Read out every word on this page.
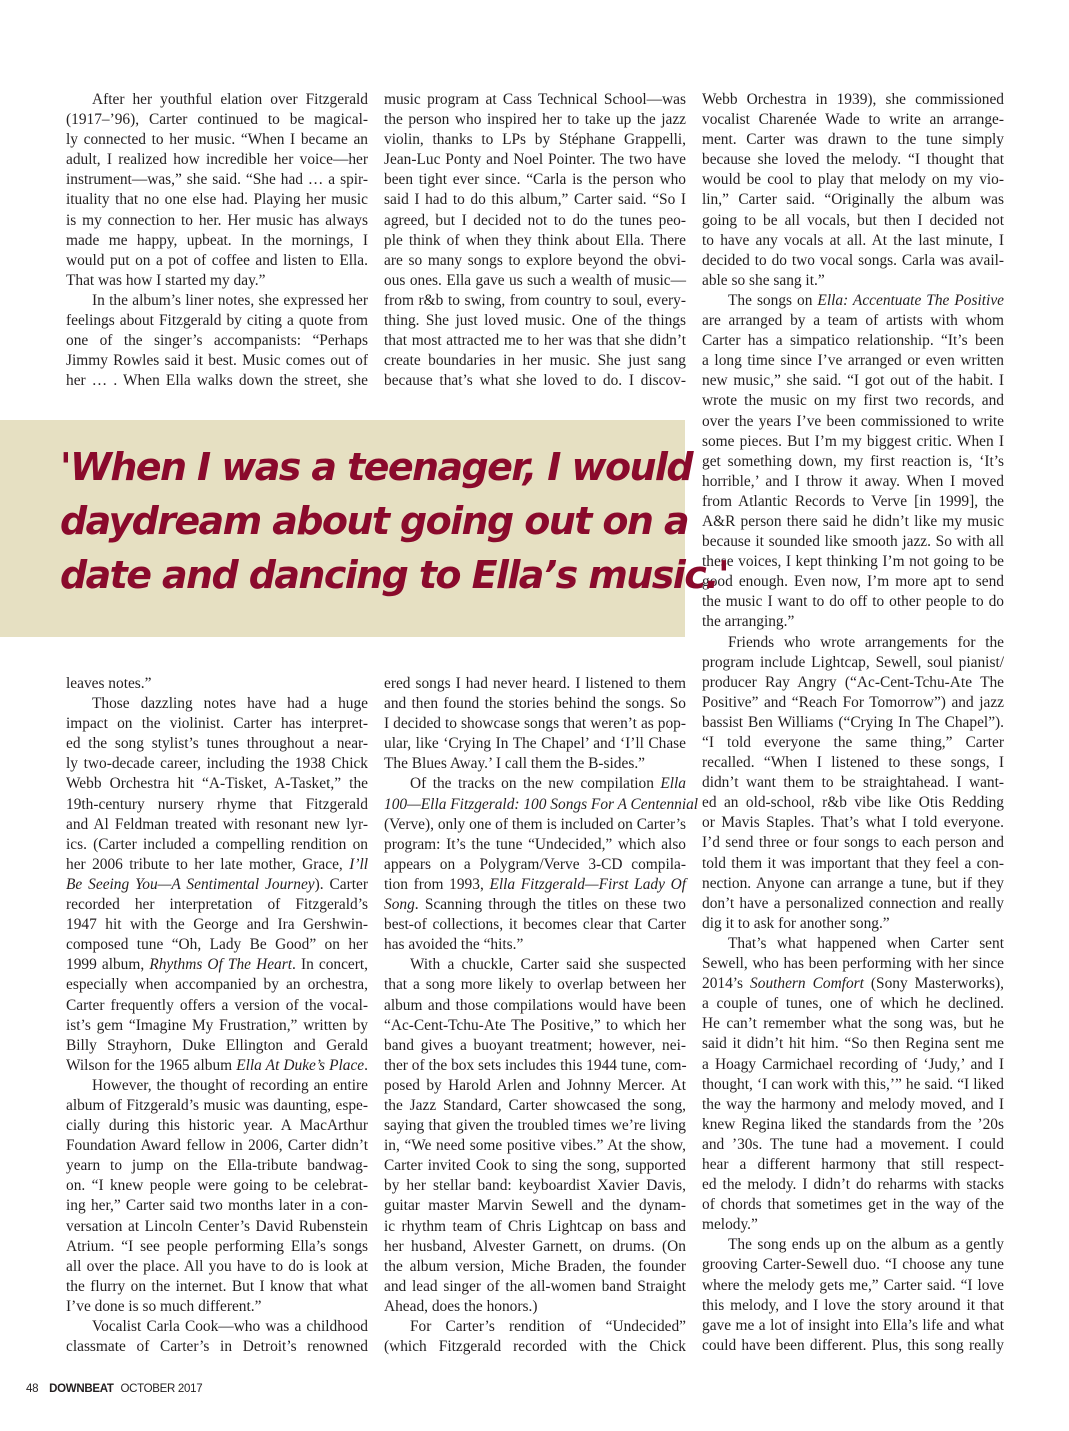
After her youthful elation over Fitzgerald
(1917–’96), Carter continued to be magical-
ly connected to her music. “When I became an
adult, I realized how incredible her voice—her
instrument—was,” she said. “She had … a spir-
ituality that no one else had. Playing her music
is my connection to her. Her music has always
made me happy, upbeat. In the mornings, I
would put on a pot of coffee and listen to Ella.
That was how I started my day.”
In the album’s liner notes, she expressed her
feelings about Fitzgerald by citing a quote from
one of the singer’s accompanists: “Perhaps
Jimmy Rowles said it best. Music comes out of
her … . When Ella walks down the street, she
music program at Cass Technical School—was
the person who inspired her to take up the jazz
violin, thanks to LPs by Stéphane Grappelli,
Jean-Luc Ponty and Noel Pointer. The two have
been tight ever since. “Carla is the person who
said I had to do this album,” Carter said. “So I
agreed, but I decided not to do the tunes peo-
ple think of when they think about Ella. There
are so many songs to explore beyond the obvi-
ous ones. Ella gave us such a wealth of music—
from r&b to swing, from country to soul, every-
thing. She just loved music. One of the things
that most attracted me to her was that she didn’t
create boundaries in her music. She just sang
because that’s what she loved to do. I discov-
Webb Orchestra in 1939), she commissioned
vocalist Charenée Wade to write an arrange-
ment. Carter was drawn to the tune simply
because she loved the melody. “I thought that
would be cool to play that melody on my vio-
lin,” Carter said. “Originally the album was
going to be all vocals, but then I decided not
to have any vocals at all. At the last minute, I
decided to do two vocal songs. Carla was avail-
able so she sang it.”
The songs on Ella: Accentuate The Positive
are arranged by a team of artists with whom
Carter has a simpatico relationship. “It’s been
a long time since I’ve arranged or even written
new music,” she said. “I got out of the habit. I
wrote the music on my first two records, and
over the years I’ve been commissioned to write
some pieces. But I’m my biggest critic. When I
get something down, my first reaction is, ‘It’s
horrible,’ and I throw it away. When I moved
from Atlantic Records to Verve [in 1999], the
A&R person there said he didn’t like my music
because it sounded like smooth jazz. So with all
these voices, I kept thinking I’m not going to be
good enough. Even now, I’m more apt to send
the music I want to do off to other people to do
the arranging.”
Friends who wrote arrangements for the
program include Lightcap, Sewell, soul pianist/
producer Ray Angry (“Ac-Cent-Tchu-Ate The
Positive” and “Reach For Tomorrow”) and jazz
bassist Ben Williams (“Crying In The Chapel”).
“I told everyone the same thing,” Carter
recalled. “When I listened to these songs, I
didn’t want them to be straightahead. I want-
ed an old-school, r&b vibe like Otis Redding
or Mavis Staples. That’s what I told everyone.
I’d send three or four songs to each person and
told them it was important that they feel a con-
nection. Anyone can arrange a tune, but if they
don’t have a personalized connection and really
dig it to ask for another song.”
That’s what happened when Carter sent
Sewell, who has been performing with her since
2014’s Southern Comfort (Sony Masterworks),
a couple of tunes, one of which he declined.
He can’t remember what the song was, but he
said it didn’t hit him. “So then Regina sent me
a Hoagy Carmichael recording of ‘Judy,’ and I
thought, ‘I can work with this,’” he said. “I liked
the way the harmony and melody moved, and I
knew Regina liked the standards from the ’20s
and ’30s. The tune had a movement. I could
hear a different harmony that still respect-
ed the melody. I didn’t do reharms with stacks
of chords that sometimes get in the way of the
melody.”
The song ends up on the album as a gently
grooving Carter-Sewell duo. “I choose any tune
where the melody gets me,” Carter said. “I love
this melody, and I love the story around it that
gave me a lot of insight into Ella’s life and what
could have been different. Plus, this song really
'When I was a teenager, I would
daydream about going out on a
date and dancing to Ella’s music.'
leaves notes.”
Those dazzling notes have had a huge
impact on the violinist. Carter has interpret-
ed the song stylist’s tunes throughout a near-
ly two-decade career, including the 1938 Chick
Webb Orchestra hit “A-Tisket, A-Tasket,” the
19th-century nursery rhyme that Fitzgerald
and Al Feldman treated with resonant new lyr-
ics. (Carter included a compelling rendition on
her 2006 tribute to her late mother, Grace, I’ll
Be Seeing You—A Sentimental Journey). Carter
recorded her interpretation of Fitzgerald’s
1947 hit with the George and Ira Gershwin-
composed tune “Oh, Lady Be Good” on her
1999 album, Rhythms Of The Heart. In concert,
especially when accompanied by an orchestra,
Carter frequently offers a version of the vocal-
ist’s gem “Imagine My Frustration,” written by
Billy Strayhorn, Duke Ellington and Gerald
Wilson for the 1965 album Ella At Duke’s Place.
However, the thought of recording an entire
album of Fitzgerald’s music was daunting, espe-
cially during this historic year. A MacArthur
Foundation Award fellow in 2006, Carter didn’t
yearn to jump on the Ella-tribute bandwag-
on. “I knew people were going to be celebrat-
ing her,” Carter said two months later in a con-
versation at Lincoln Center’s David Rubenstein
Atrium. “I see people performing Ella’s songs
all over the place. All you have to do is look at
the flurry on the internet. But I know that what
I’ve done is so much different.”
Vocalist Carla Cook—who was a childhood
classmate of Carter’s in Detroit’s renowned
ered songs I had never heard. I listened to them
and then found the stories behind the songs. So
I decided to showcase songs that weren’t as pop-
ular, like ‘Crying In The Chapel’ and ‘I’ll Chase
The Blues Away.’ I call them the B-sides.”
Of the tracks on the new compilation Ella
100—Ella Fitzgerald: 100 Songs For A Centennial
(Verve), only one of them is included on Carter’s
program: It’s the tune “Undecided,” which also
appears on a Polygram/Verve 3-CD compila-
tion from 1993, Ella Fitzgerald—First Lady Of
Song. Scanning through the titles on these two
best-of collections, it becomes clear that Carter
has avoided the “hits.”
With a chuckle, Carter said she suspected
that a song more likely to overlap between her
album and those compilations would have been
“Ac-Cent-Tchu-Ate The Positive,” to which her
band gives a buoyant treatment; however, nei-
ther of the box sets includes this 1944 tune, com-
posed by Harold Arlen and Johnny Mercer. At
the Jazz Standard, Carter showcased the song,
saying that given the troubled times we’re living
in, “We need some positive vibes.” At the show,
Carter invited Cook to sing the song, supported
by her stellar band: keyboardist Xavier Davis,
guitar master Marvin Sewell and the dynam-
ic rhythm team of Chris Lightcap on bass and
her husband, Alvester Garnett, on drums. (On
the album version, Miche Braden, the founder
and lead singer of the all-women band Straight
Ahead, does the honors.)
For Carter’s rendition of “Undecided”
(which Fitzgerald recorded with the Chick
48 DOWNBEAT OCTOBER 2017
